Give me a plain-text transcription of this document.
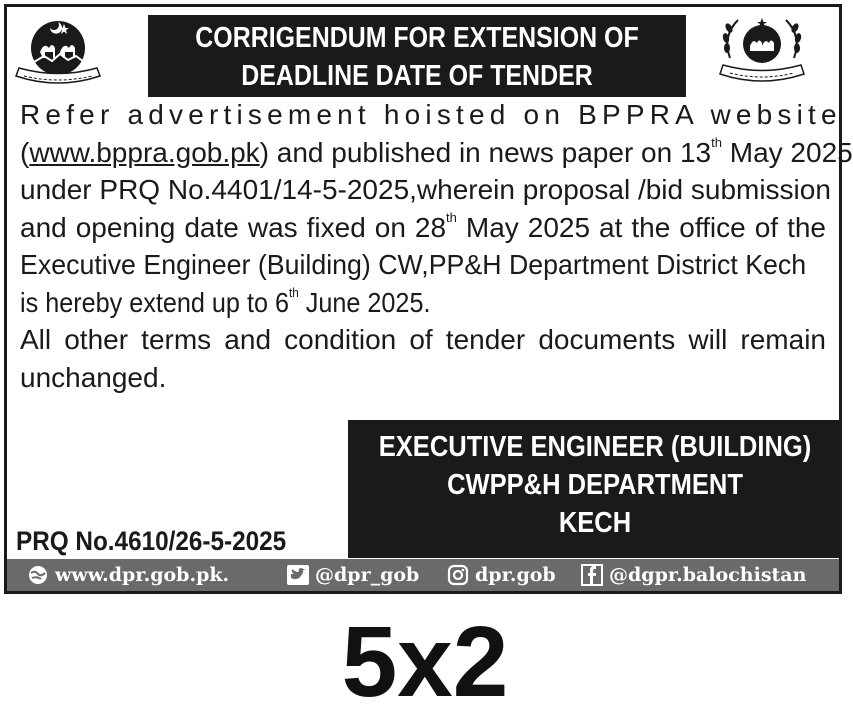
CORRIGENDUM FOR EXTENSION OF
DEADLINE DATE OF TENDER
Refer advertisement hoisted on BPPRA website
(www.bppra.gob.pk) and published in news paper on 13th May 2025
under PRQ No.4401/14-5-2025,wherein proposal /bid submission
and opening date was fixed on 28th May 2025 at the office of the
Executive Engineer (Building) CW,PP&H Department District Kech
is hereby extend up to 6th June 2025.
All other terms and condition of tender documents will remain
unchanged.
EXECUTIVE ENGINEER (BUILDING)
CWPP&H DEPARTMENT
KECH
PRQ No.4610/26-5-2025
www.dpr.gob.pk.	@dpr_gob	dpr.gob	@dgpr.balochistan
5x2
